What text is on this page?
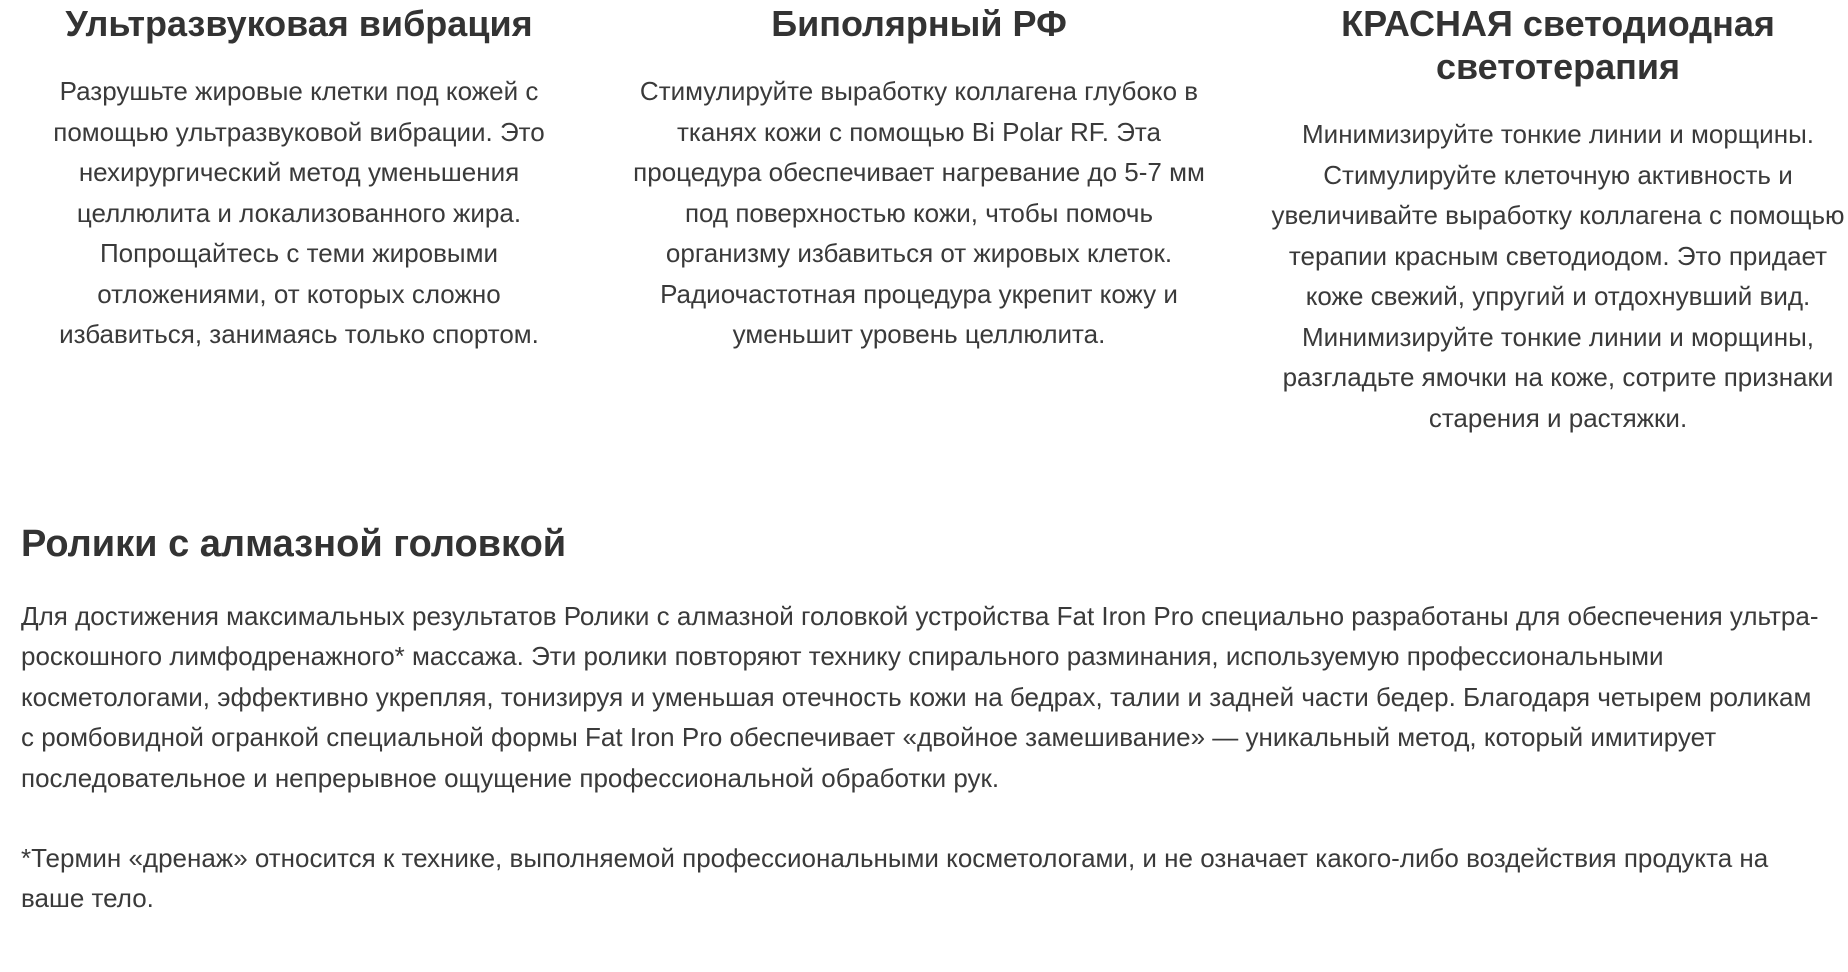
Ультразвуковая вибрация

Разрушьте жировые клетки под кожей с помощью ультразвуковой вибрации. Это нехирургический метод уменьшения целлюлита и локализованного жира. Попрощайтесь с теми жировыми отложениями, от которых сложно избавиться, занимаясь только спортом.

Биполярный РФ

Стимулируйте выработку коллагена глубоко в тканях кожи с помощью Bi Polar RF. Эта процедура обеспечивает нагревание до 5-7 мм под поверхностью кожи, чтобы помочь организму избавиться от жировых клеток. Радиочастотная процедура укрепит кожу и уменьшит уровень целлюлита.

КРАСНАЯ светодиодная светотерапия

Минимизируйте тонкие линии и морщины. Стимулируйте клеточную активность и увеличивайте выработку коллагена с помощью терапии красным светодиодом. Это придает коже свежий, упругий и отдохнувший вид. Минимизируйте тонкие линии и морщины, разгладьте ямочки на коже, сотрите признаки старения и растяжки.

Ролики с алмазной головкой

Для достижения максимальных результатов Ролики с алмазной головкой устройства Fat Iron Pro специально разработаны для обеспечения ультра-роскошного лимфодренажного* массажа. Эти ролики повторяют технику спирального разминания, используемую профессиональными косметологами, эффективно укрепляя, тонизируя и уменьшая отечность кожи на бедрах, талии и задней части бедер. Благодаря четырем роликам с ромбовидной огранкой специальной формы Fat Iron Pro обеспечивает «двойное замешивание» — уникальный метод, который имитирует последовательное и непрерывное ощущение профессиональной обработки рук.

*Термин «дренаж» относится к технике, выполняемой профессиональными косметологами, и не означает какого-либо воздействия продукта на ваше тело.
